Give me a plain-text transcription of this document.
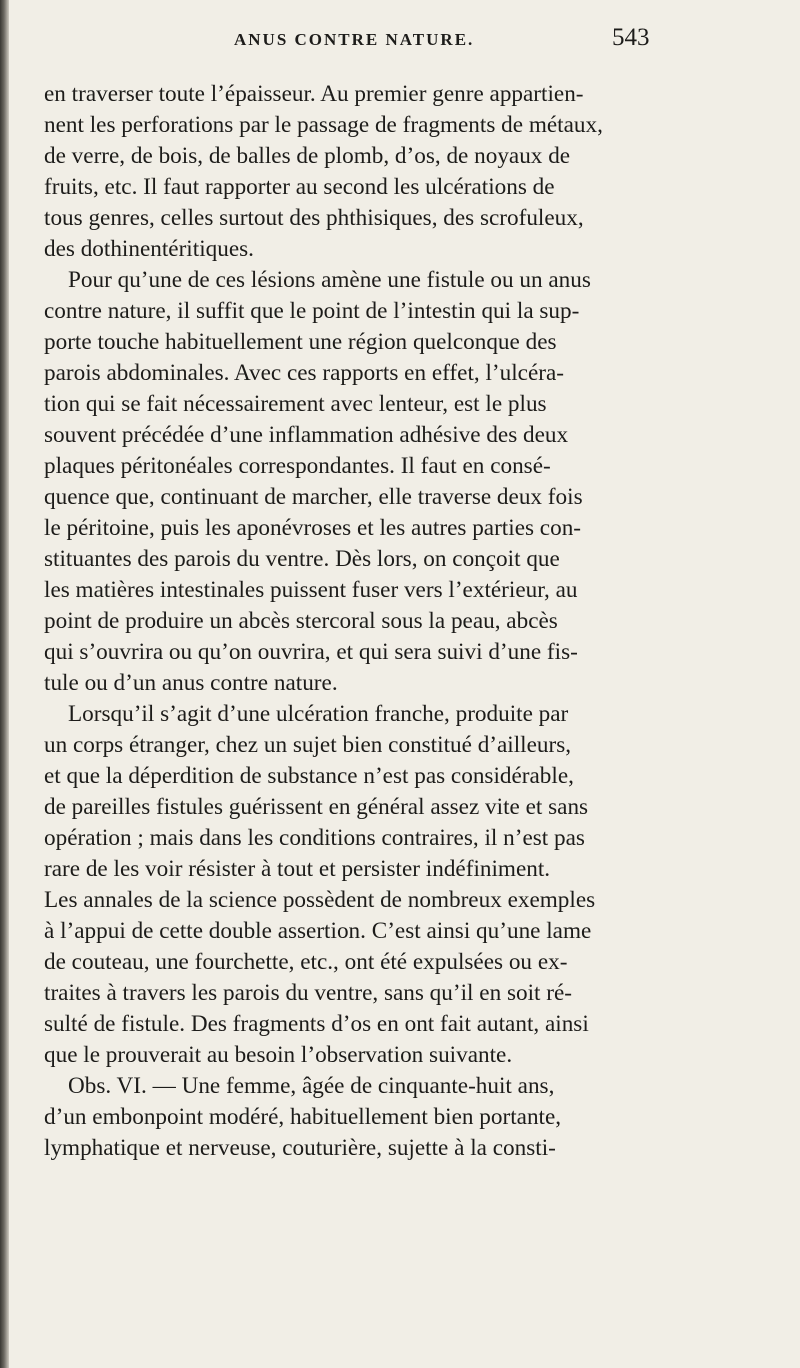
ANUS CONTRE NATURE.	543
en traverser toute l’épaisseur. Au premier genre appartien-
nent les perforations par le passage de fragments de métaux,
de verre, de bois, de balles de plomb, d’os, de noyaux de
fruits, etc. Il faut rapporter au second les ulcérations de
tous genres, celles surtout des phthisiques, des scrofuleux,
des dothinentéritiques.
Pour qu’une de ces lésions amène une fistule ou un anus
contre nature, il suffit que le point de l’intestin qui la sup-
porte touche habituellement une région quelconque des
parois abdominales. Avec ces rapports en effet, l’ulcéra-
tion qui se fait nécessairement avec lenteur, est le plus
souvent précédée d’une inflammation adhésive des deux
plaques péritonéales correspondantes. Il faut en consé-
quence que, continuant de marcher, elle traverse deux fois
le péritoine, puis les aponévroses et les autres parties con-
stituantes des parois du ventre. Dès lors, on conçoit que
les matières intestinales puissent fuser vers l’extérieur, au
point de produire un abcès stercoral sous la peau, abcès
qui s’ouvrira ou qu’on ouvrira, et qui sera suivi d’une fis-
tule ou d’un anus contre nature.
Lorsqu’il s’agit d’une ulcération franche, produite par
un corps étranger, chez un sujet bien constitué d’ailleurs,
et que la déperdition de substance n’est pas considérable,
de pareilles fistules guérissent en général assez vite et sans
opération ; mais dans les conditions contraires, il n’est pas
rare de les voir résister à tout et persister indéfiniment.
Les annales de la science possèdent de nombreux exemples
à l’appui de cette double assertion. C’est ainsi qu’une lame
de couteau, une fourchette, etc., ont été expulsées ou ex-
traites à travers les parois du ventre, sans qu’il en soit ré-
sulté de fistule. Des fragments d’os en ont fait autant, ainsi
que le prouverait au besoin l’observation suivante.
Obs. VI. — Une femme, âgée de cinquante-huit ans,
d’un embonpoint modéré, habituellement bien portante,
lymphatique et nerveuse, couturière, sujette à la consti-
